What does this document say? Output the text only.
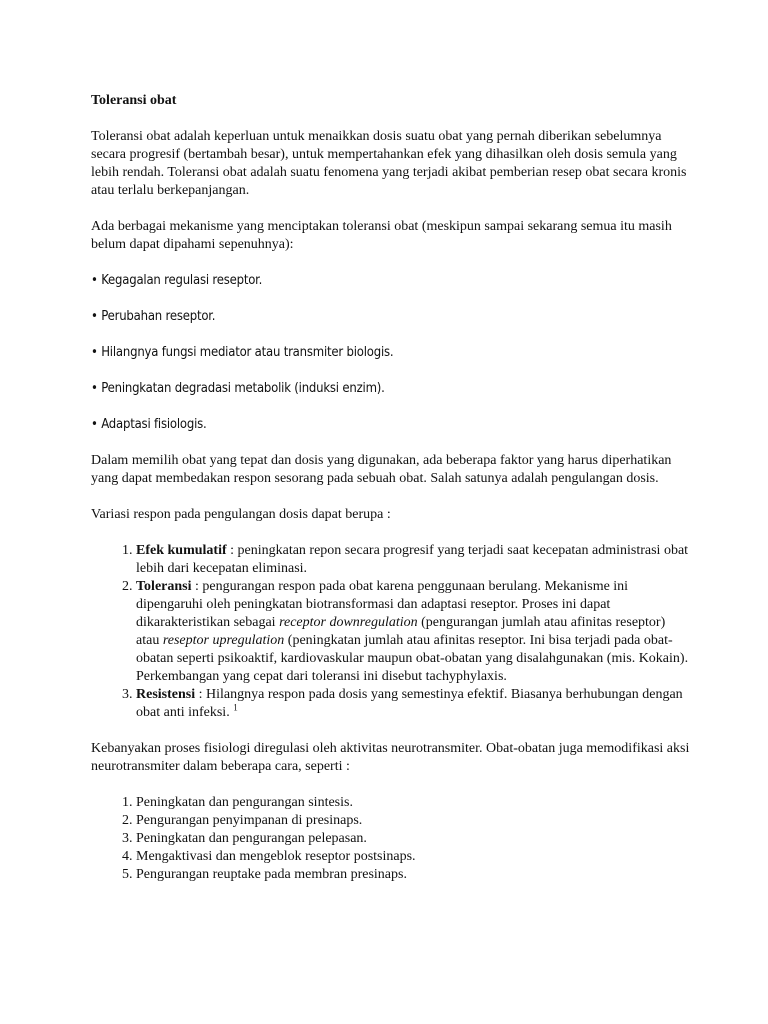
Toleransi obat

Toleransi obat adalah keperluan untuk menaikkan dosis suatu obat yang pernah diberikan sebelumnya secara progresif (bertambah besar), untuk mempertahankan efek yang dihasilkan oleh dosis semula yang lebih rendah. Toleransi obat adalah suatu fenomena yang terjadi akibat pemberian resep obat secara kronis atau terlalu berkepanjangan.

Ada berbagai mekanisme yang menciptakan toleransi obat (meskipun sampai sekarang semua itu masih belum dapat dipahami sepenuhnya):

• Kegagalan regulasi reseptor.
• Perubahan reseptor.
• Hilangnya fungsi mediator atau transmiter biologis.
• Peningkatan degradasi metabolik (induksi enzim).
• Adaptasi fisiologis.

Dalam memilih obat yang tepat dan dosis yang digunakan, ada beberapa faktor yang harus diperhatikan yang dapat membedakan respon sesorang pada sebuah obat. Salah satunya adalah pengulangan dosis.

Variasi respon pada pengulangan dosis dapat berupa :

1. Efek kumulatif : peningkatan repon secara progresif yang terjadi saat kecepatan administrasi obat lebih dari kecepatan eliminasi.
2. Toleransi : pengurangan respon pada obat karena penggunaan berulang. Mekanisme ini dipengaruhi oleh peningkatan biotransformasi dan adaptasi reseptor. Proses ini dapat dikarakteristikan sebagai receptor downregulation (pengurangan jumlah atau afinitas reseptor) atau reseptor upregulation (peningkatan jumlah atau afinitas reseptor. Ini bisa terjadi pada obat-obatan seperti psikoaktif, kardiovaskular maupun obat-obatan yang disalahgunakan (mis. Kokain). Perkembangan yang cepat dari toleransi ini disebut tachyphylaxis.
3. Resistensi : Hilangnya respon pada dosis yang semestinya efektif. Biasanya berhubungan dengan obat anti infeksi. $^1$

Kebanyakan proses fisiologi diregulasi oleh aktivitas neurotransmiter. Obat-obatan juga memodifikasi aksi neurotransmiter dalam beberapa cara, seperti :

1. Peningkatan dan pengurangan sintesis.
2. Pengurangan penyimpanan di presinaps.
3. Peningkatan dan pengurangan pelepasan.
4. Mengaktivasi dan mengeblok reseptor postsinaps.
5. Pengurangan reuptake pada membran presinaps.
